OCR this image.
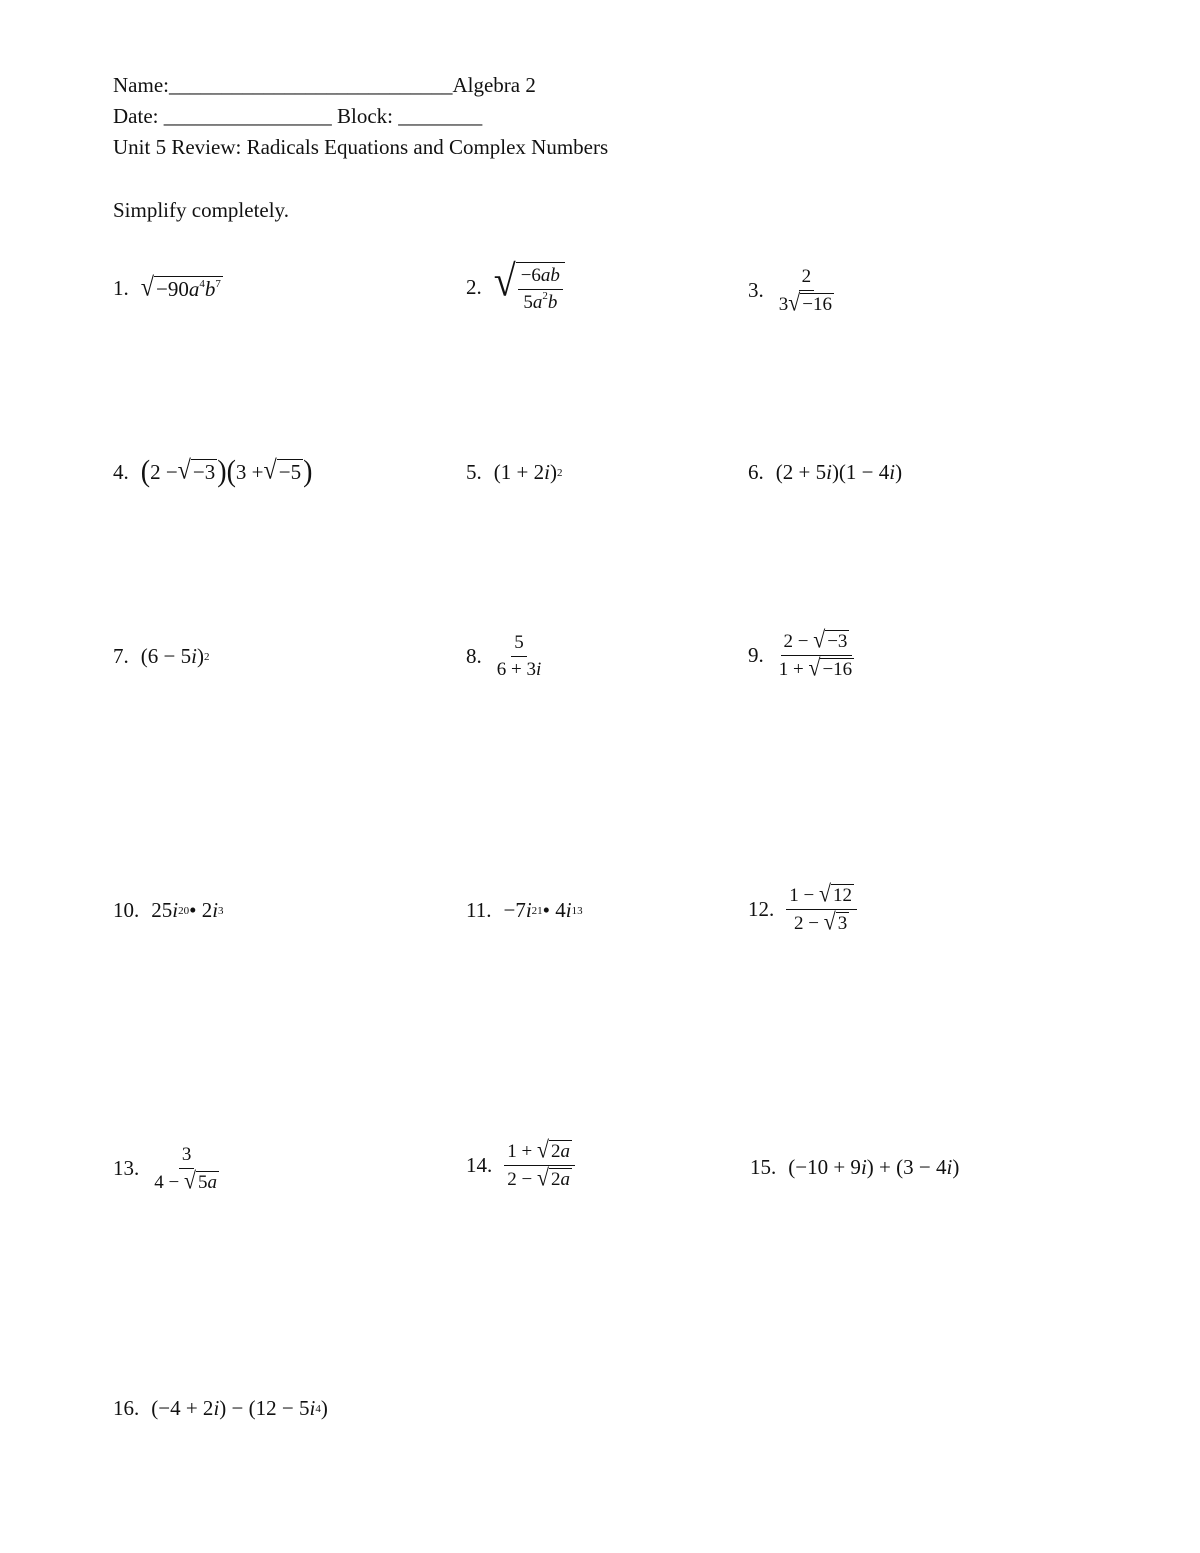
Name:___________________________Algebra 2
Date: ________________ Block: ________
Unit 5 Review: Radicals Equations and Complex Numbers
Simplify completely.
1. √ $-90a^4b^7$	2. √ $\frac{-6ab}{5a^2b}$	3. $\frac{2}{3 √ -16}$
4. ( 2 − √ −3 ) ( 3 + √ −5 )	5. (1 + 2 i ) 2	6. (2 + 5 i )(1 − 4 i )
7. (6 − 5 i ) 2	8. $\frac{5}{6 + 3i}$	9. $\frac{2 - √ -3}{1 + √ -16}$
10. 25 i 20 • 2 i 3	11. −7 i 21 • 4 i 13	12. $\frac{1 - √ 12}{2 - √ 3}$
13. $\frac{3}{4 - √ 5a}$	14. $\frac{1 + √ 2a}{2 - √ 2a}$	15. (−10 + 9 i ) + (3 − 4 i )
16. (−4 + 2 i ) − (12 − 5 i 4 )
